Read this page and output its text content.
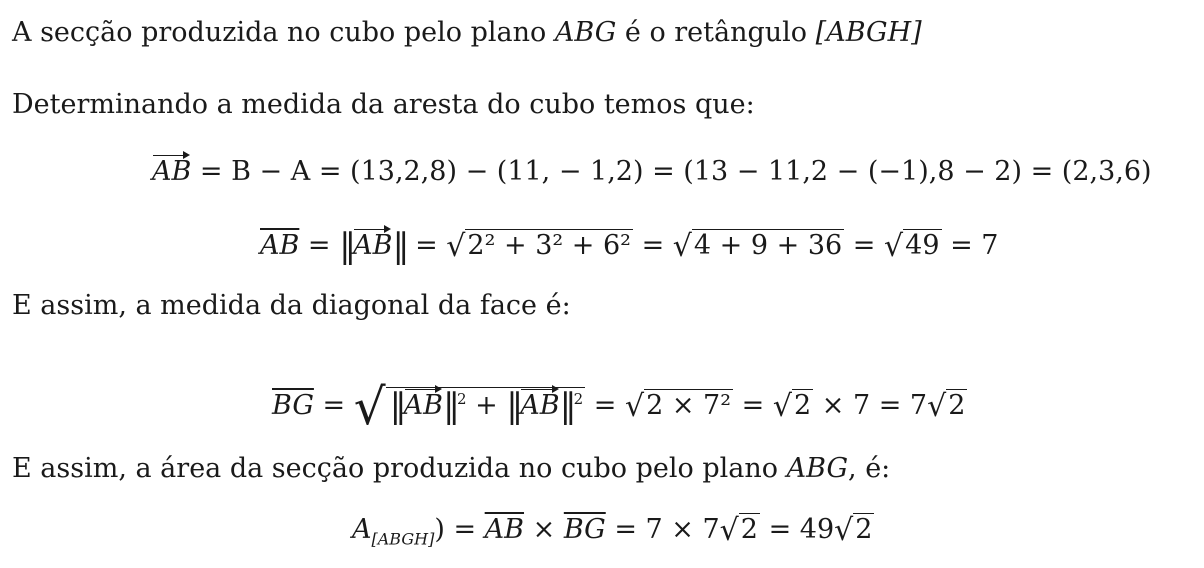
A secção produzida no cubo pelo plano ABG é o retângulo [ABGH]
Determinando a medida da aresta do cubo temos que:
AB = B − A = (13,2,8) − (11, − 1,2) = (13 − 11,2 − (−1),8 − 2) = (2,3,6)
$\overline{AB}$ = ‖AB‖ = √2² + 3² + 6² = √4 + 9 + 36 = √49 = 7
E assim, a medida da diagonal da face é:
$\overline{BG}$ = √ ‖AB‖$^2$ + ‖AB‖$^2$ = √2 × 7² = √2 × 7 = 7√2
E assim, a área da secção produzida no cubo pelo plano ABG, é:
$A_{[ABGH]}) = \overline{AB} \times \overline{BG} = 7 \times 7√2 = 49√2$
